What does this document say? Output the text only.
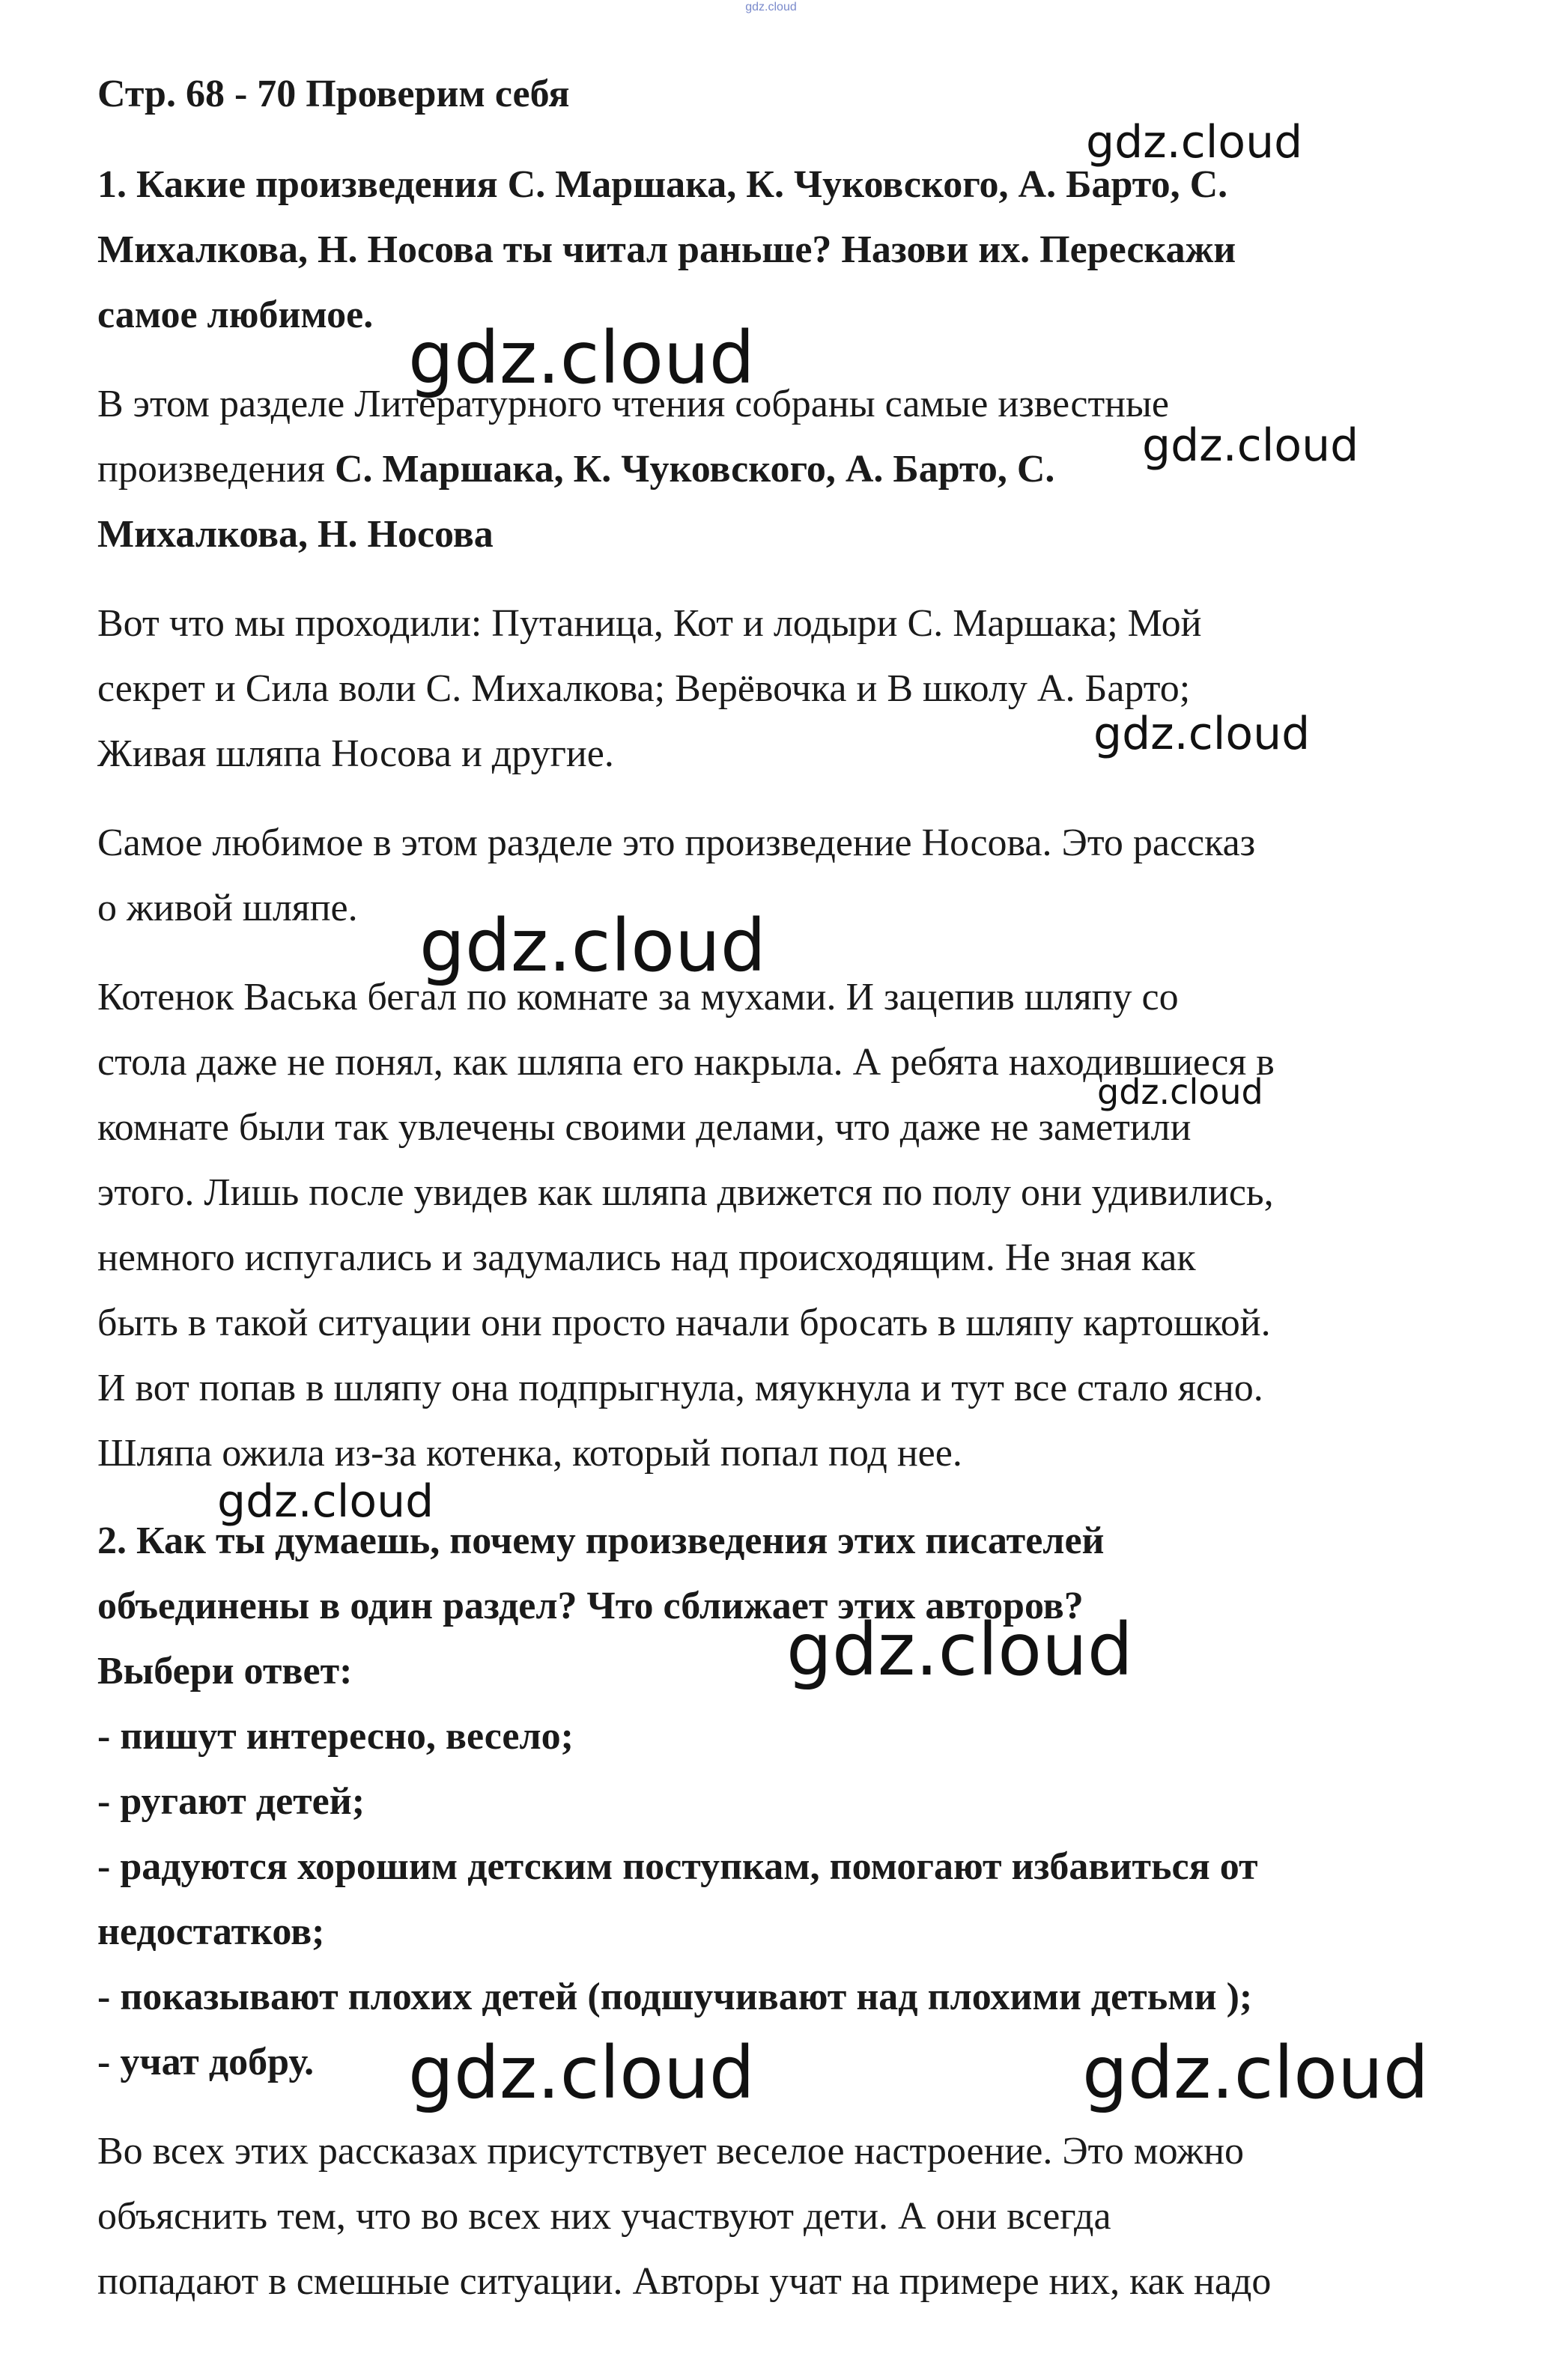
gdz.cloud
Стр. 68 - 70 Проверим себя
1. Какие произведения С. Маршака, К. Чуковского, А. Барто, С.
Михалкова, Н. Носова ты читал раньше? Назови их. Перескажи
самое любимое.
В этом разделе Литературного чтения собраны самые известные
произведения С. Маршака, К. Чуковского, А. Барто, С.
Михалкова, Н. Носова
Вот что мы проходили: Путаница, Кот и лодыри С. Маршака; Мой
секрет и Сила воли С. Михалкова; Верёвочка и В школу А. Барто;
Живая шляпа Носова и другие.
Самое любимое в этом разделе это произведение Носова. Это рассказ
о живой шляпе.
Котенок Васька бегал по комнате за мухами. И зацепив шляпу со
стола даже не понял, как шляпа его накрыла. А ребята находившиеся в
комнате были так увлечены своими делами, что даже не заметили
этого. Лишь после увидев как шляпа движется по полу они удивились,
немного испугались и задумались над происходящим. Не зная как
быть в такой ситуации они просто начали бросать в шляпу картошкой.
И вот попав в шляпу она подпрыгнула, мяукнула и тут все стало ясно.
Шляпа ожила из-за котенка, который попал под нее.
2. Как ты думаешь, почему произведения этих писателей
объединены в один раздел? Что сближает этих авторов?
Выбери ответ:
- пишут интересно, весело;
- ругают детей;
- радуются хорошим детским поступкам, помогают избавиться от
недостатков;
- показывают плохих детей (подшучивают над плохими детьми );
- учат добру.
Во всех этих рассказах присутствует веселое настроение. Это можно
объяснить тем, что во всех них участвуют дети. А они всегда
попадают в смешные ситуации. Авторы учат на примере них, как надо
gdz.cloud
gdz.cloud
gdz.cloud
gdz.cloud
gdz.cloud
gdz.cloud
gdz.cloud
gdz.cloud
gdz.cloud	gdz.cloud
